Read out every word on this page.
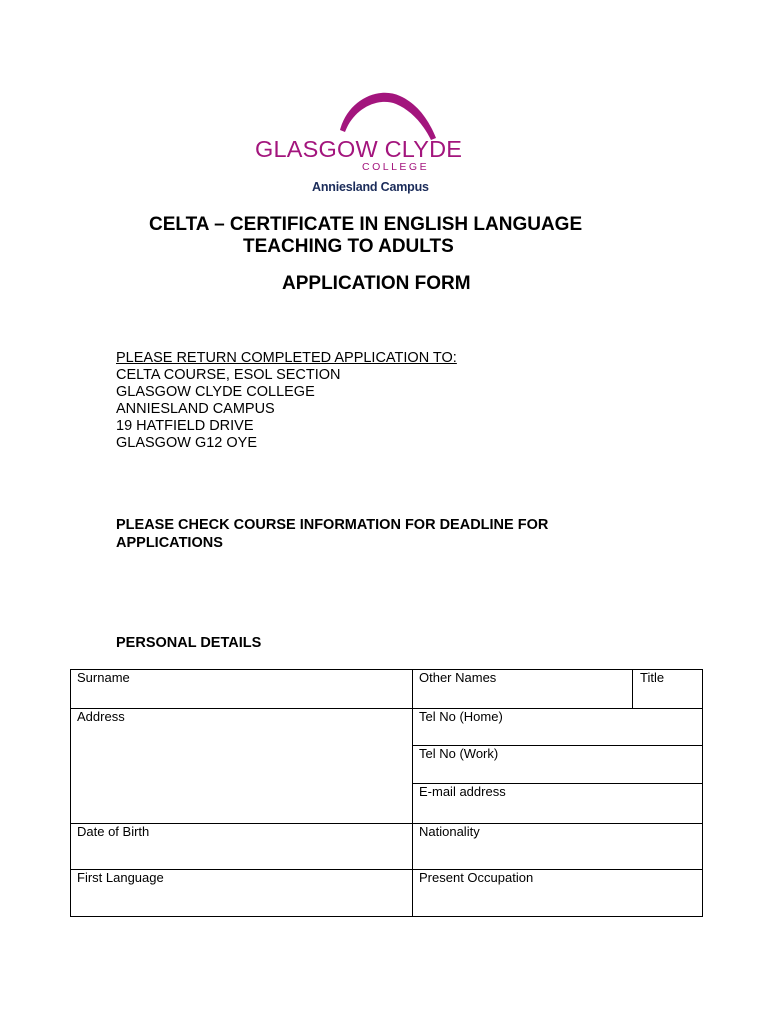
GLASGOW CLYDE
COLLEGE
Anniesland Campus
CELTA – CERTIFICATE IN ENGLISH LANGUAGE
TEACHING TO ADULTS
APPLICATION FORM
PLEASE RETURN COMPLETED APPLICATION TO:
CELTA COURSE, ESOL SECTION
GLASGOW CLYDE COLLEGE
ANNIESLAND CAMPUS
19 HATFIELD DRIVE
GLASGOW G12 OYE
PLEASE CHECK COURSE INFORMATION FOR DEADLINE FOR APPLICATIONS
PERSONAL DETAILS
Surname	Other Names	Title
Address	Tel No (Home)
Tel No (Work)
E-mail address
Date of Birth	Nationality
First Language	Present Occupation
